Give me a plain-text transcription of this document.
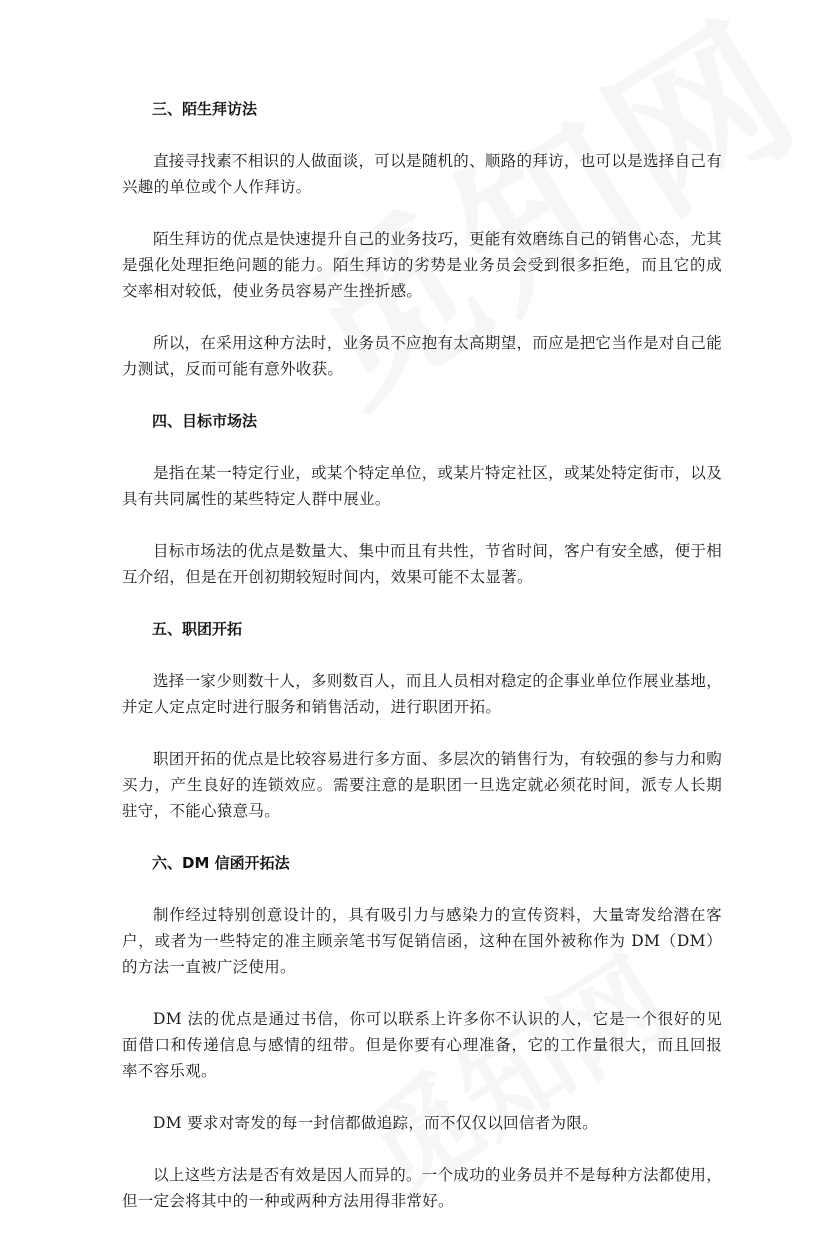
三、陌生拜访法

直接寻找素不相识的人做面谈，可以是随机的、顺路的拜访，也可以是选择自己有兴趣的单位或个人作拜访。

陌生拜访的优点是快速提升自己的业务技巧，更能有效磨练自己的销售心态，尤其是强化处理拒绝问题的能力。陌生拜访的劣势是业务员会受到很多拒绝，而且它的成交率相对较低，使业务员容易产生挫折感。

所以，在采用这种方法时，业务员不应抱有太高期望，而应是把它当作是对自己能力测试，反而可能有意外收获。

四、目标市场法

是指在某一特定行业，或某个特定单位，或某片特定社区，或某处特定街市，以及具有共同属性的某些特定人群中展业。

目标市场法的优点是数量大、集中而且有共性，节省时间，客户有安全感，便于相互介绍，但是在开创初期较短时间内，效果可能不太显著。

五、职团开拓

选择一家少则数十人，多则数百人，而且人员相对稳定的企事业单位作展业基地，并定人定点定时进行服务和销售活动，进行职团开拓。

职团开拓的优点是比较容易进行多方面、多层次的销售行为，有较强的参与力和购买力，产生良好的连锁效应。需要注意的是职团一旦选定就必须花时间，派专人长期驻守，不能心猿意马。

六、DM 信函开拓法

制作经过特别创意设计的，具有吸引力与感染力的宣传资料，大量寄发给潜在客户，或者为一些特定的准主顾亲笔书写促销信函，这种在国外被称作为 DM（DM）的方法一直被广泛使用。

DM 法的优点是通过书信，你可以联系上许多你不认识的人，它是一个很好的见面借口和传递信息与感情的纽带。但是你要有心理准备，它的工作量很大，而且回报率不容乐观。

DM 要求对寄发的每一封信都做追踪，而不仅仅以回信者为限。

以上这些方法是否有效是因人而异的。一个成功的业务员并不是每种方法都使用，但一定会将其中的一种或两种方法用得非常好。
